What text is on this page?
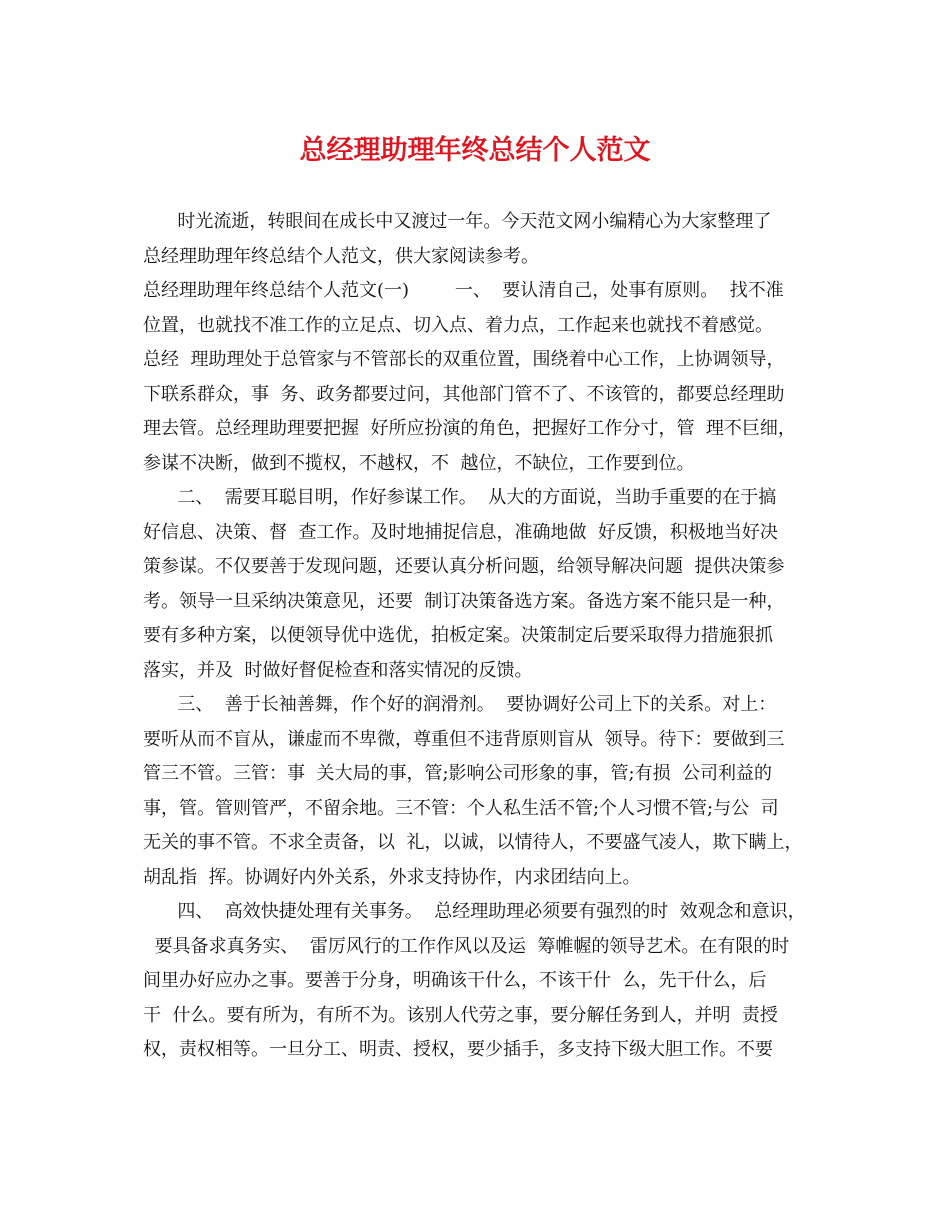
总经理助理年终总结个人范文
时光流逝，转眼间在成长中又渡过一年。今天范文网小编精心为大家整理了
总经理助理年终总结个人范文，供大家阅读参考。
总经理助理年终总结个人范文(一)        一、  要认清自己，处事有原则。  找不准
位置，也就找不准工作的立足点、切入点、着力点，工作起来也就找不着感觉。
总经  理助理处于总管家与不管部长的双重位置，围绕着中心工作，上协调领导，
下联系群众，事  务、政务都要过问，其他部门管不了、不该管的，都要总经理助
理去管。总经理助理要把握  好所应扮演的角色，把握好工作分寸，管  理不巨细，
参谋不决断，做到不揽权，不越权，不  越位，不缺位，工作要到位。
二、  需要耳聪目明，作好参谋工作。  从大的方面说，当助手重要的在于搞
好信息、决策、督  查工作。及时地捕捉信息，准确地做  好反馈，积极地当好决
策参谋。不仅要善于发现问题，还要认真分析问题，给领导解决问题  提供决策参
考。领导一旦采纳决策意见，还要  制订决策备选方案。备选方案不能只是一种，
要有多种方案，以便领导优中选优，拍板定案。决策制定后要采取得力措施狠抓
落实，并及  时做好督促检查和落实情况的反馈。
三、  善于长袖善舞，作个好的润滑剂。  要协调好公司上下的关系。对上：
要听从而不盲从，谦虚而不卑微，尊重但不违背原则盲从  领导。待下：要做到三
管三不管。三管：事  关大局的事，管;影响公司形象的事，管;有损  公司利益的
事，管。管则管严，不留余地。三不管：个人私生活不管;个人习惯不管;与公  司
无关的事不管。不求全责备，以  礼，以诚，以情待人，不要盛气凌人，欺下瞒上，
胡乱指  挥。协调好内外关系，外求支持协作，内求团结向上。
四、  高效快捷处理有关事务。  总经理助理必须要有强烈的时  效观念和意识，
要具备求真务实、  雷厉风行的工作作风以及运  筹帷幄的领导艺术。在有限的时
间里办好应办之事。要善于分身，明确该干什么，不该干什  么，先干什么，后
干  什么。要有所为，有所不为。该别人代劳之事，要分解任务到人，并明  责授
权，责权相等。一旦分工、明责、授权，要少插手，多支持下级大胆工作。不要
